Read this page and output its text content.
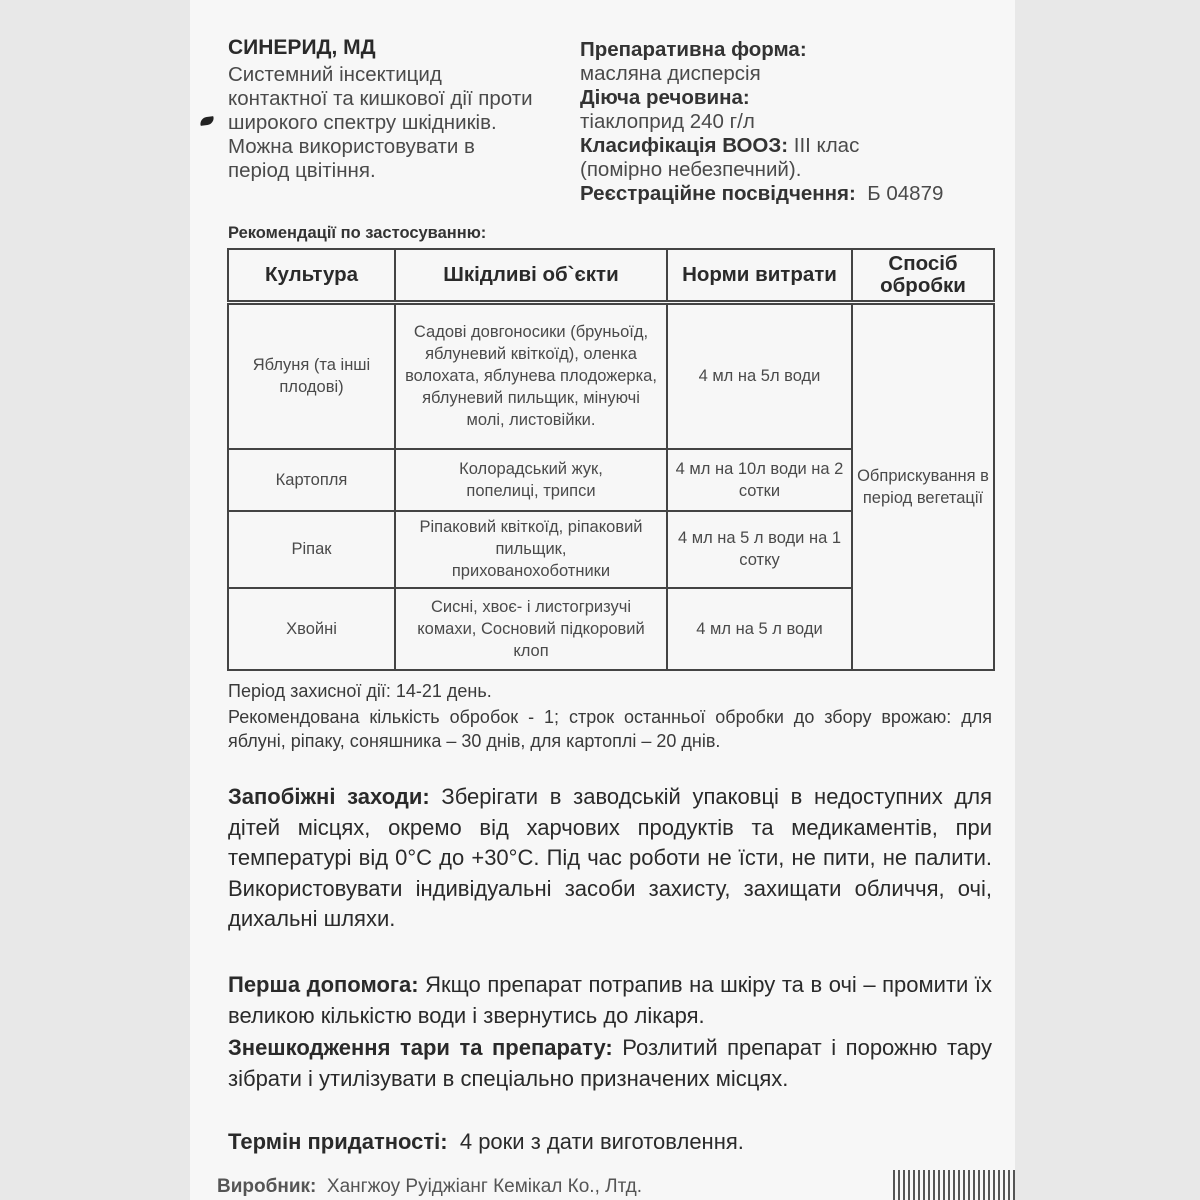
СИНЕРИД, МД
Системний інсектицид
контактної та кишкової дії проти
широкого спектру шкідників.
Можна використовувати в
період цвітіння.
Препаративна форма:
масляна дисперсія
Діюча речовина:
тіаклоприд 240 г/л
Класифікація ВООЗ: III клас
(помірно небезпечний).
Реєстраційне посвідчення:  Б 04879
Рекомендації по застосуванню:
Культура	Шкідливі об`єкти	Норми витрати	Спосіб обробки
Яблуня (та інші плодові)	Садові довгоносики (бруньоїд, яблуневий квіткоїд), оленка волохата, яблунева плодожерка, яблуневий пильщик, мінуючі молі, листовійки.	4 мл на 5л води	Обприскування в період вегетації
Картопля	Колорадський жук, попелиці, трипси	4 мл на 10л води на 2 сотки	
Ріпак	Ріпаковий квіткоїд, ріпаковий пильщик, прихованохоботники	4 мл на 5 л води на 1 сотку	
Хвойні	Сисні, хвоє- і листогризучі комахи, Сосновий підкоровий клоп	4 мл на 5 л води	
Період захисної дії: 14-21 день.
Рекомендована кількість обробок - 1; строк останньої обробки до збору врожаю: для яблуні, ріпаку, соняшника – 30 днів, для картоплі – 20 днів.
Запобіжні заходи: Зберігати в заводській упаковці в недоступних для дітей місцях, окремо від харчових продуктів та медикаментів, при температурі від 0°С до +30°С. Під час роботи не їсти, не пити, не палити. Використовувати індивідуальні засоби захисту, захищати обличчя, очі, дихальні шляхи.
Перша допомога: Якщо препарат потрапив на шкіру та в очі – промити їх великою кількістю води і звернутись до лікаря.
Знешкодження тари та препарату: Розлитий препарат і порожню тару зібрати і утилізувати в спеціально призначених місцях.
Термін придатності:  4 роки з дати виготовлення.
Виробник:  Хангжоу Руіджіанг Кемікал Ко., Лтд.
